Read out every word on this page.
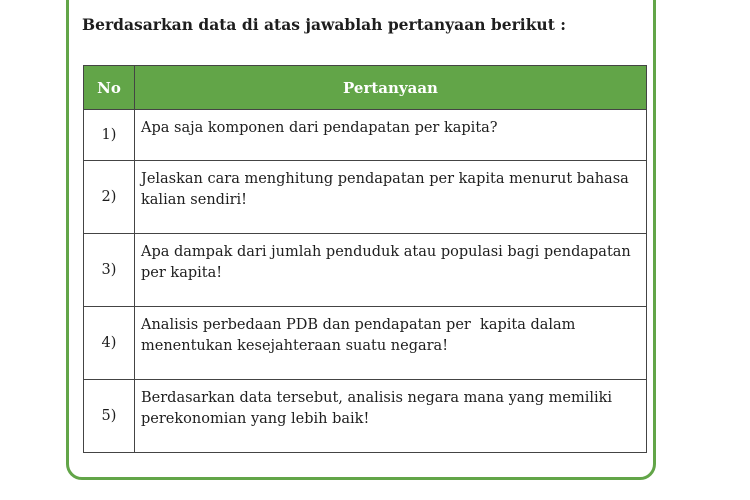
Berdasarkan data di atas jawablah pertanyaan berikut :
No	Pertanyaan
1)	Apa saja komponen dari pendapatan per kapita?
2)	Jelaskan cara menghitung pendapatan per kapita menurut bahasa kalian sendiri!
3)	Apa dampak dari jumlah penduduk atau populasi bagi pendapatan per kapita!
4)	Analisis perbedaan PDB dan pendapatan per  kapita dalam menentukan kesejahteraan suatu negara!
5)	Berdasarkan data tersebut, analisis negara mana yang memiliki perekonomian yang lebih baik!
